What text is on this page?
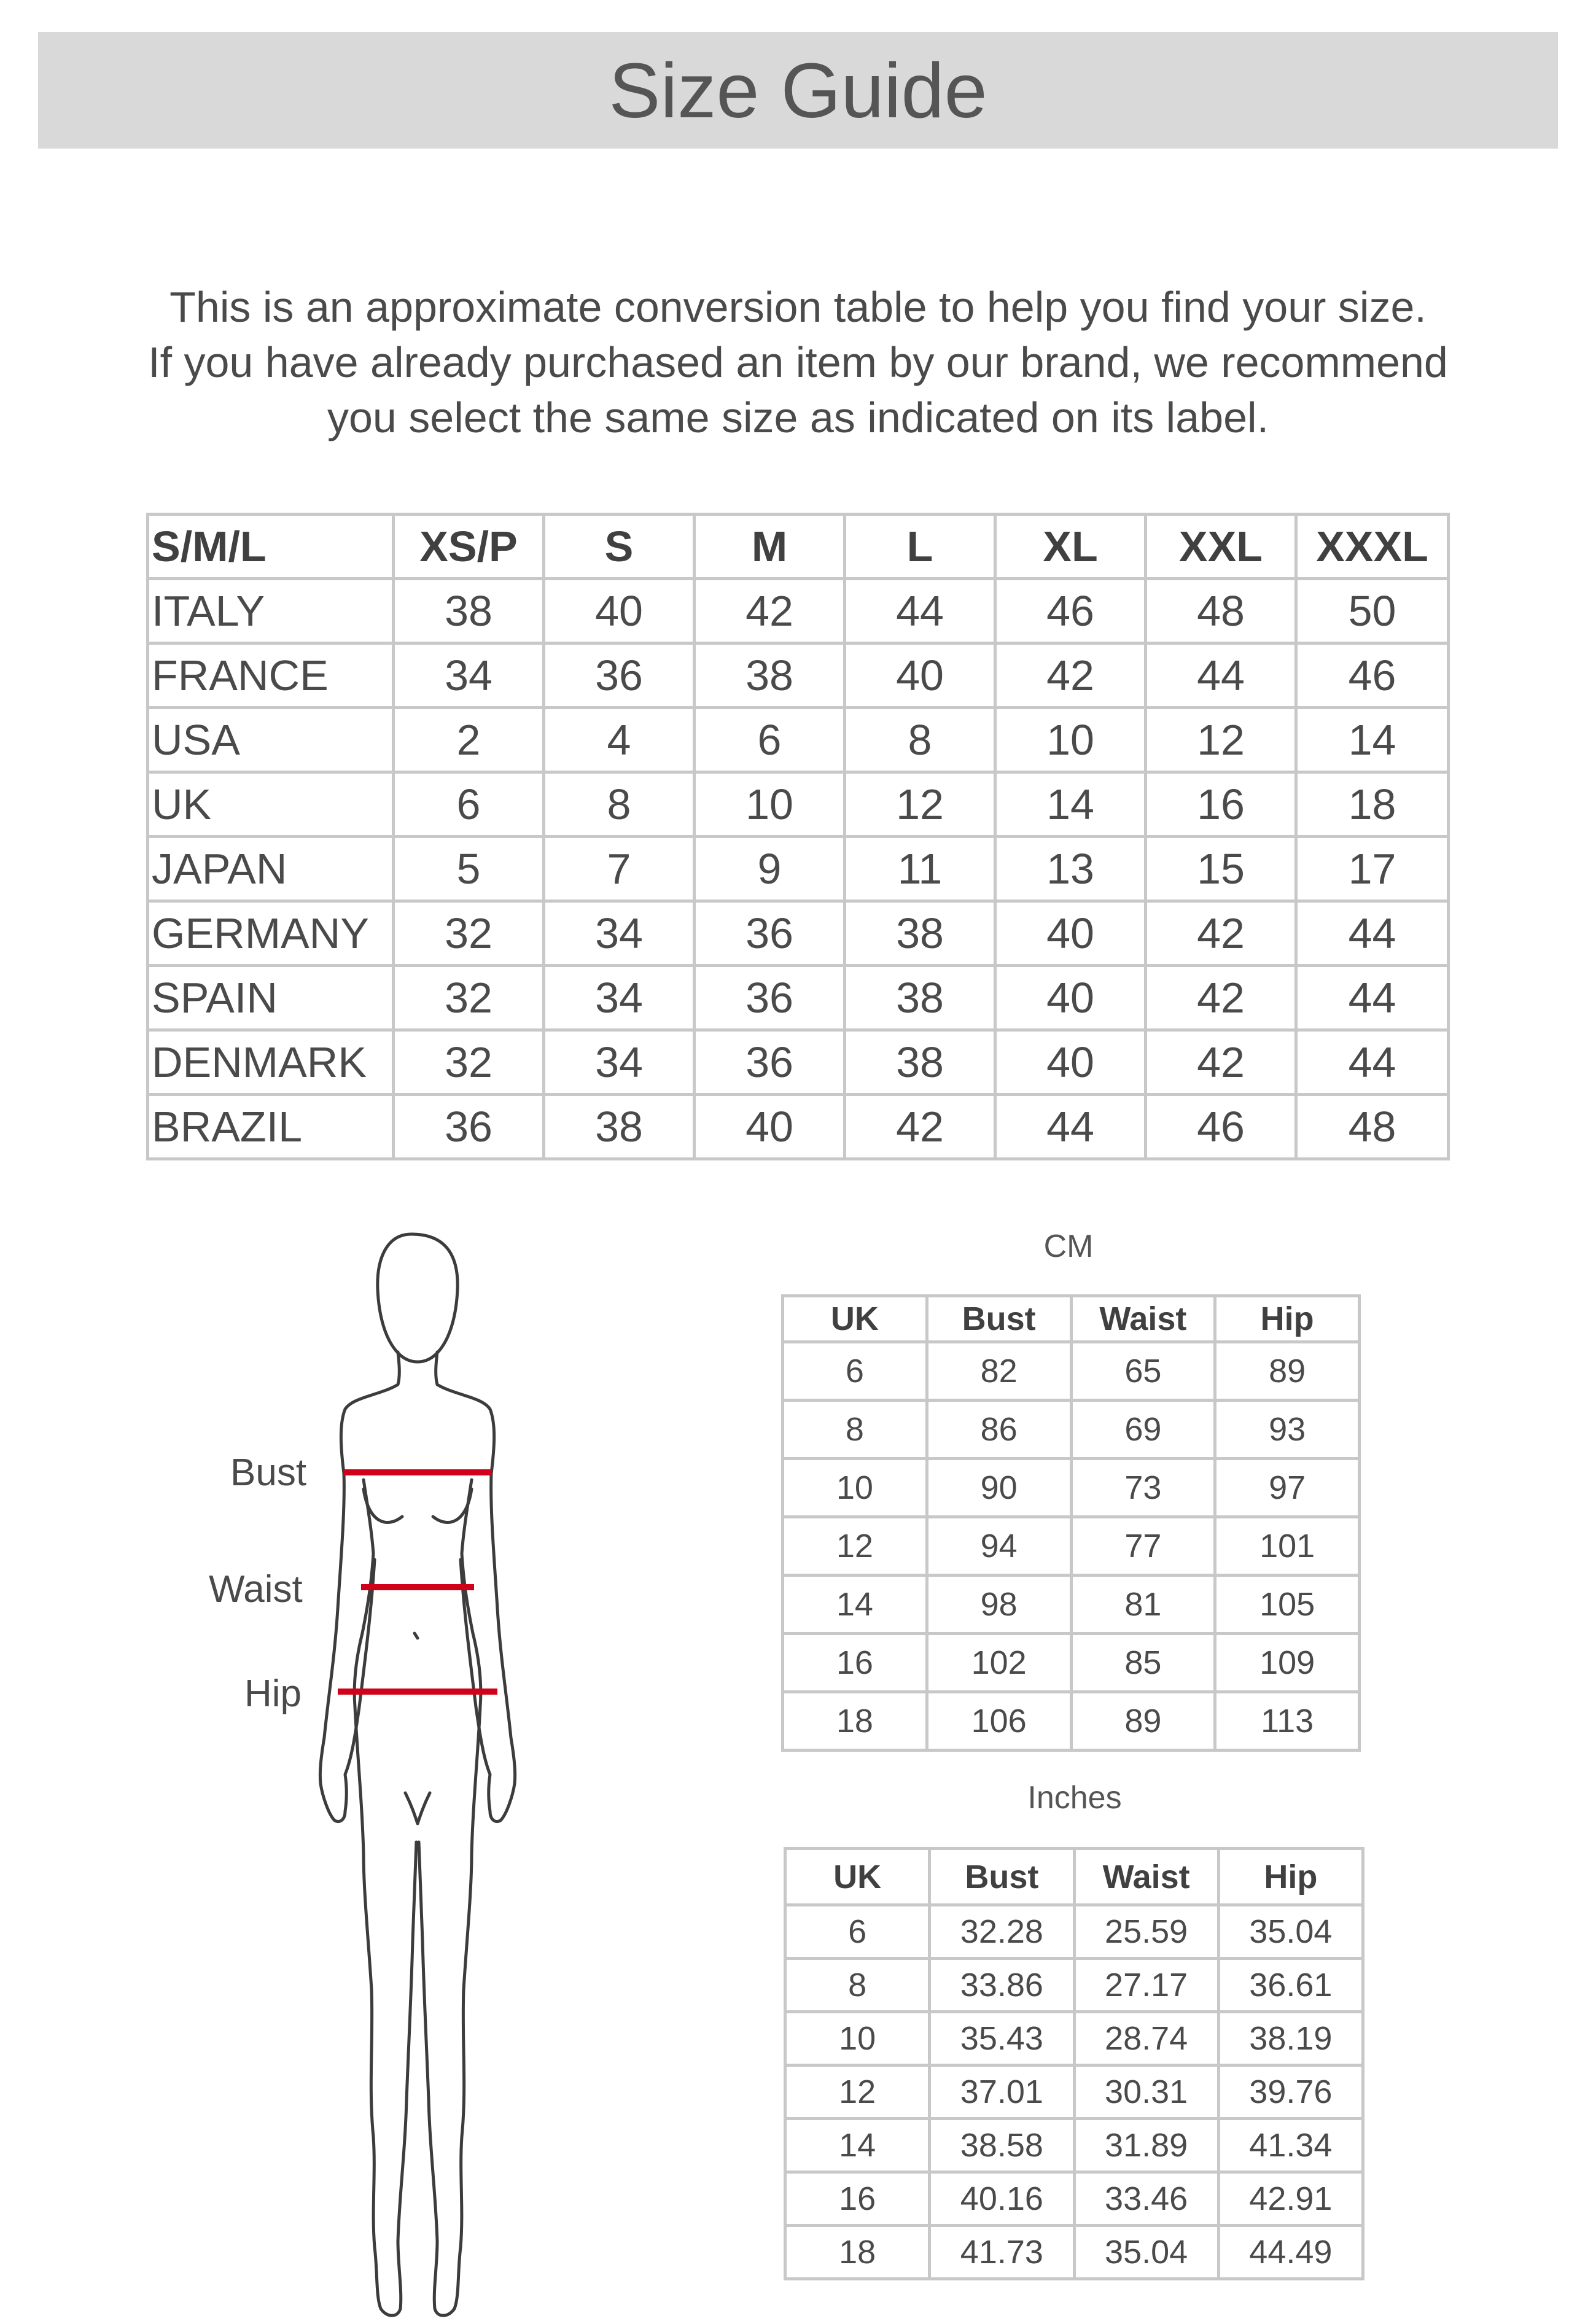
Size Guide
This is an approximate conversion table to help you find your size.
If you have already purchased an item by our brand, we recommend
you select the same size as indicated on its label.
S/M/L	XS/P	S	M	L	XL	XXL	XXXL
ITALY	38	40	42	44	46	48	50
FRANCE	34	36	38	40	42	44	46
USA	2	4	6	8	10	12	14
UK	6	8	10	12	14	16	18
JAPAN	5	7	9	11	13	15	17
GERMANY	32	34	36	38	40	42	44
SPAIN	32	34	36	38	40	42	44
DENMARK	32	34	36	38	40	42	44
BRAZIL	36	38	40	42	44	46	48
Bust
Waist
Hip
CM
UK	Bust	Waist	Hip
6	82	65	89
8	86	69	93
10	90	73	97
12	94	77	101
14	98	81	105
16	102	85	109
18	106	89	113
Inches
UK	Bust	Waist	Hip
6	32.28	25.59	35.04
8	33.86	27.17	36.61
10	35.43	28.74	38.19
12	37.01	30.31	39.76
14	38.58	31.89	41.34
16	40.16	33.46	42.91
18	41.73	35.04	44.49
